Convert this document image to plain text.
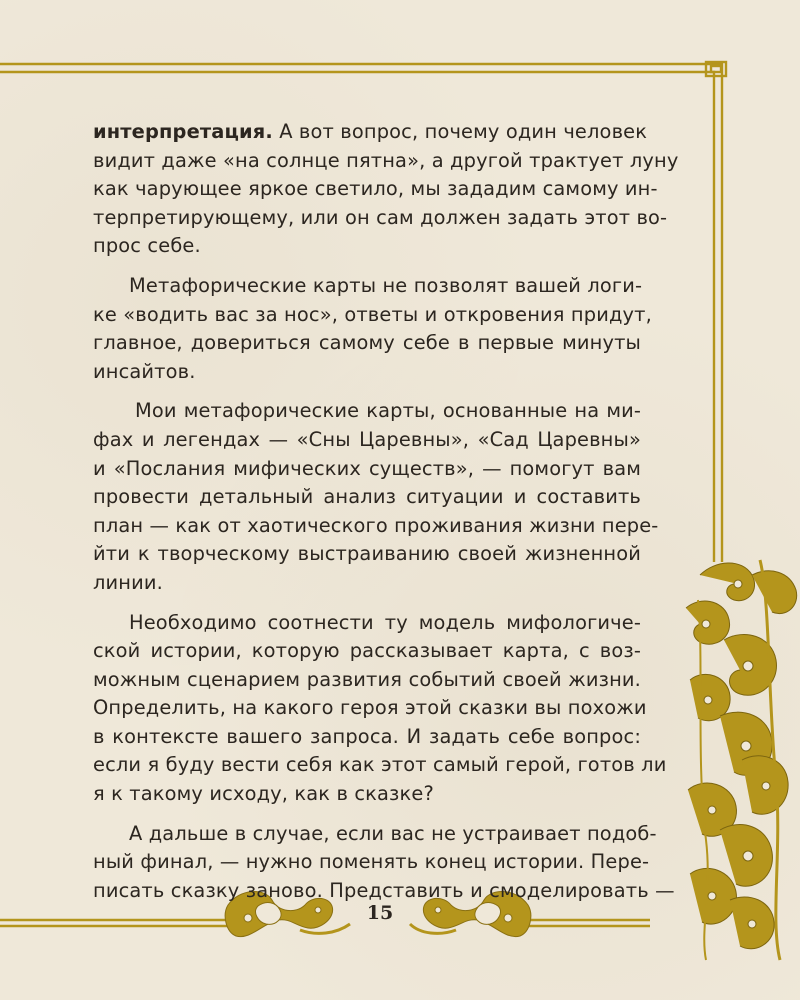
интерпретация. А вот вопрос, почему один человек
видит даже «на солнце пятна», а другой трактует луну
как чарующее яркое светило, мы зададим самому ин-
терпретирующему, или он сам должен задать этот во-
прос себе.

Метафорические карты не позволят вашей логи-
ке «водить вас за нос», ответы и откровения придут,
главное, довериться самому себе в первые минуты
инсайтов.

Мои метафорические карты, основанные на ми-
фах и легендах — «Сны Царевны», «Сад Царевны»
и «Послания мифических существ», — помогут вам
провести детальный анализ ситуации и составить
план — как от хаотического проживания жизни пере-
йти к творческому выстраиванию своей жизненной
линии.

Необходимо соотнести ту модель мифологиче-
ской истории, которую рассказывает карта, с воз-
можным сценарием развития событий своей жизни.
Определить, на какого героя этой сказки вы похожи
в контексте вашего запроса. И задать себе вопрос:
если я буду вести себя как этот самый герой, готов ли
я к такому исходу, как в сказке?

А дальше в случае, если вас не устраивает подоб-
ный финал, — нужно поменять конец истории. Пере-
писать сказку заново. Представить и смоделировать —

15
